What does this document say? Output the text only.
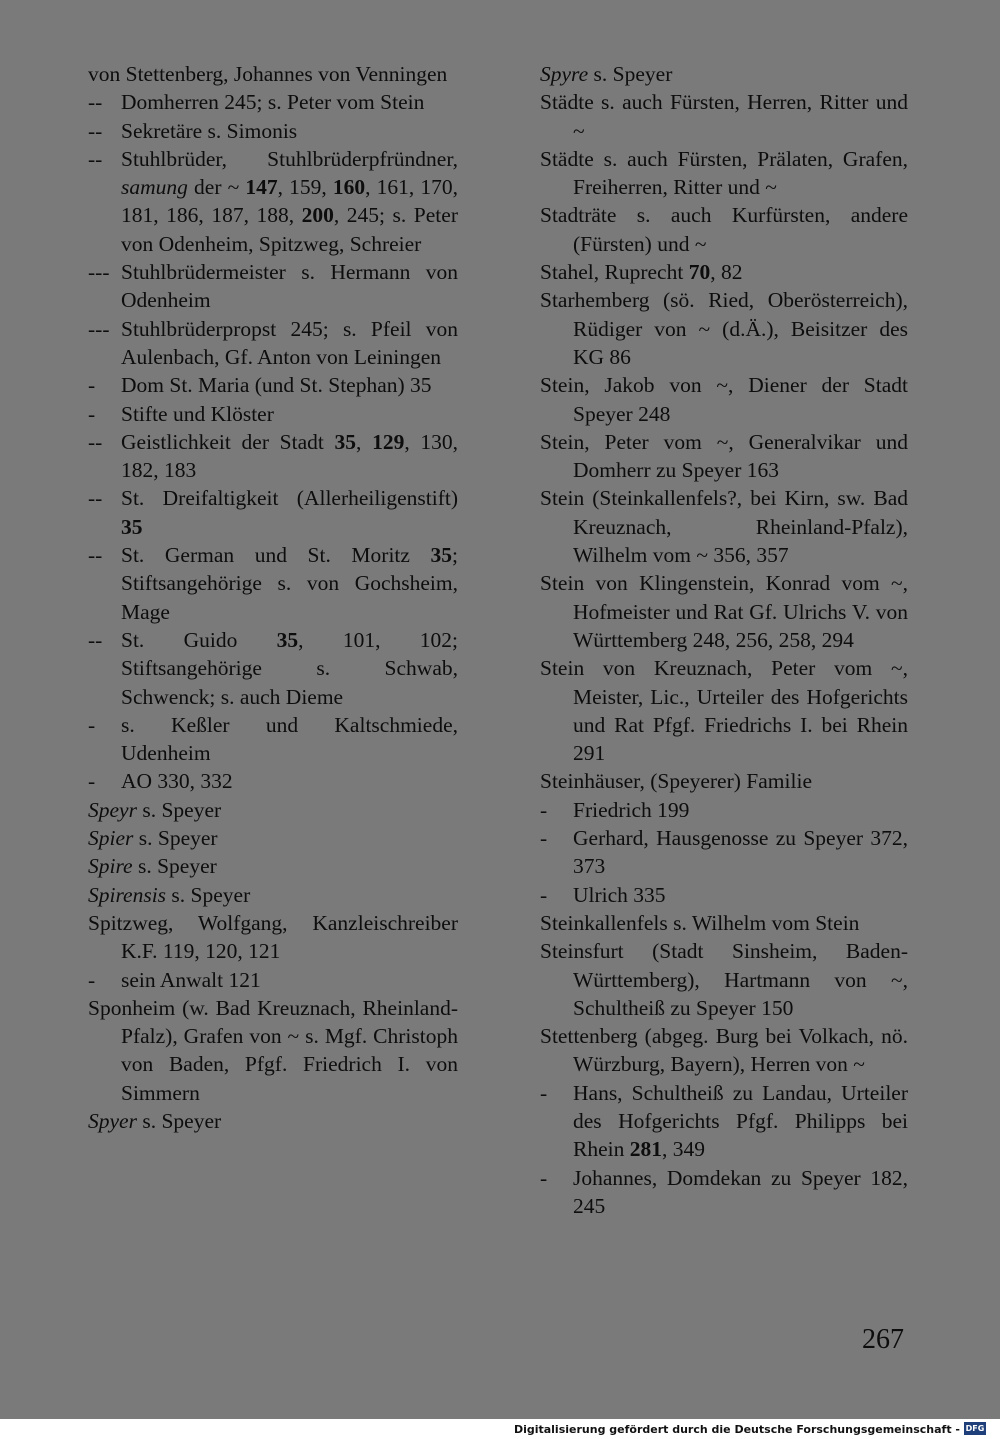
von Stettenberg, Johannes von Venningen
-- Domherren 245; s. Peter vom Stein
-- Sekretäre s. Simonis
-- Stuhlbrüder, Stuhlbrüderpfründner, samung der ~ 147, 159, 160, 161, 170, 181, 186, 187, 188, 200, 245; s. Peter von Odenheim, Spitzweg, Schreier
--- Stuhlbrüdermeister s. Hermann von Odenheim
--- Stuhlbrüderpropst 245; s. Pfeil von Aulenbach, Gf. Anton von Leiningen
- Dom St. Maria (und St. Stephan) 35
- Stifte und Klöster
-- Geistlichkeit der Stadt 35, 129, 130, 182, 183
-- St. Dreifaltigkeit (Allerheiligenstift) 35
-- St. German und St. Moritz 35; Stiftsangehörige s. von Gochsheim, Mage
-- St. Guido 35, 101, 102; Stiftsangehörige s. Schwab, Schwenck; s. auch Dieme
- s. Keßler und Kaltschmiede, Udenheim
- AO 330, 332
Speyr s. Speyer
Spier s. Speyer
Spire s. Speyer
Spirensis s. Speyer
Spitzweg, Wolfgang, Kanzleischreiber K.F. 119, 120, 121
- sein Anwalt 121
Sponheim (w. Bad Kreuznach, Rheinland-Pfalz), Grafen von ~ s. Mgf. Christoph von Baden, Pfgf. Friedrich I. von Simmern
Spyer s. Speyer
Spyre s. Speyer
Städte s. auch Fürsten, Herren, Ritter und ~
Städte s. auch Fürsten, Prälaten, Grafen, Freiherren, Ritter und ~
Stadträte s. auch Kurfürsten, andere (Fürsten) und ~
Stahel, Ruprecht 70, 82
Starhemberg (sö. Ried, Oberösterreich), Rüdiger von ~ (d.Ä.), Beisitzer des KG 86
Stein, Jakob von ~, Diener der Stadt Speyer 248
Stein, Peter vom ~, Generalvikar und Domherr zu Speyer 163
Stein (Steinkallenfels?, bei Kirn, sw. Bad Kreuznach, Rheinland-Pfalz), Wilhelm vom ~ 356, 357
Stein von Klingenstein, Konrad vom ~, Hofmeister und Rat Gf. Ulrichs V. von Württemberg 248, 256, 258, 294
Stein von Kreuznach, Peter vom ~, Meister, Lic., Urteiler des Hofgerichts und Rat Pfgf. Friedrichs I. bei Rhein 291
Steinhäuser, (Speyerer) Familie
- Friedrich 199
- Gerhard, Hausgenosse zu Speyer 372, 373
- Ulrich 335
Steinkallenfels s. Wilhelm vom Stein
Steinsfurt (Stadt Sinsheim, Baden-Württemberg), Hartmann von ~, Schultheiß zu Speyer 150
Stettenberg (abgeg. Burg bei Volkach, nö. Würzburg, Bayern), Herren von ~
- Hans, Schultheiß zu Landau, Urteiler des Hofgerichts Pfgf. Philipps bei Rhein 281, 349
- Johannes, Domdekan zu Speyer 182, 245
267
Digitalisierung gefördert durch die Deutsche Forschungsgemeinschaft - DFG
